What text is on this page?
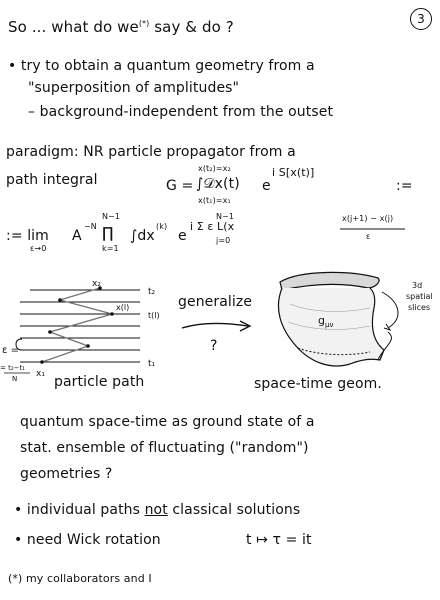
3
So ... what do we(*) say & do ?
• try to obtain a quantum geometry from a
"superposition of amplitudes"
– background-independent from the outset
paradigm: NR particle propagator from a
path integral	G =
x(t₂)=x₂
∫𝒟x(t)
x(t₁)=x₁
e
i S[x(t)]
:=
:= lim
ε→0
A
−N
N−1
∏
k=1
∫dx
(k)
e
N−1
i Σ ε L(x
j=0
x(j+1) − x(j)
ε
x₂
t₂
x(l)
t(l)
x₁
t₁
ε =
= t₂−t₁
N	particle path
generalize
?
$g_{\mu\nu}$
3d
spatial
slices
space-time geom.
quantum space-time as ground state of a
stat. ensemble of fluctuating ("random")
geometries ?
• individual paths not classical solutions
• need Wick rotation	t ↦ τ = it
(*) my collaborators and I
